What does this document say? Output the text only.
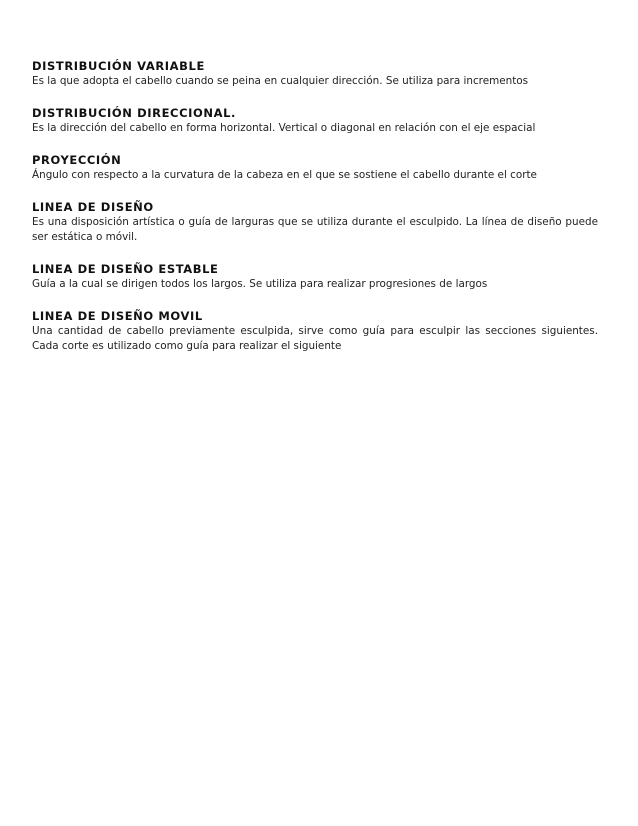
DISTRIBUCIÓN VARIABLE

Es la que adopta el cabello cuando se peina en cualquier dirección. Se utiliza para incrementos

DISTRIBUCIÓN DIRECCIONAL.

Es la dirección del cabello en forma horizontal. Vertical o diagonal en relación con el eje espacial

PROYECCIÓN

Ángulo con respecto a la curvatura de la cabeza en el que se sostiene el cabello durante el corte

LINEA DE DISEÑO

Es una disposición artística o guía de larguras que se utiliza durante el esculpido. La línea de diseño puede ser estática o móvil.

LINEA DE DISEÑO ESTABLE

Guía a la cual se dirigen todos los largos. Se utiliza para realizar progresiones de largos

LINEA DE DISEÑO MOVIL

Una cantidad de cabello previamente esculpida, sirve como guía para esculpir las secciones siguientes. Cada corte es utilizado como guía para realizar el siguiente
